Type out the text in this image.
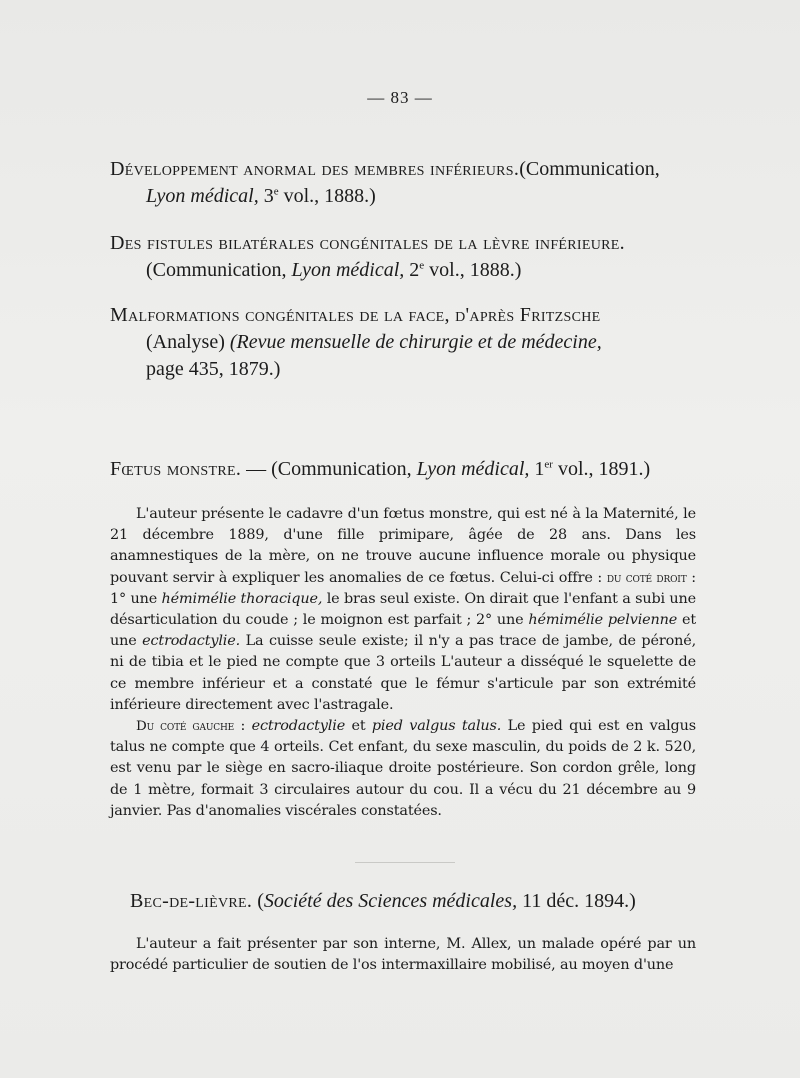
— 83 —
Développement anormal des membres inférieurs.(Communication,
Lyon médical, 3e vol., 1888.)
Des fistules bilatérales congénitales de la lèvre inférieure.
(Communication, Lyon médical, 2e vol., 1888.)
Malformations congénitales de la face, d'après Fritzsche
(Analyse) (Revue mensuelle de chirurgie et de médecine,
page 435, 1879.)
Fœtus monstre. — (Communication, Lyon médical, 1er vol., 1891.)

L'auteur présente le cadavre d'un fœtus monstre, qui est né à la Maternité, le 21 décembre 1889, d'une fille primipare, âgée de 28 ans. Dans les anamnestiques de la mère, on ne trouve aucune influence morale ou physique pouvant servir à expliquer les anomalies de ce fœtus. Celui-ci offre : du coté droit : 1° une hémimélie thoracique, le bras seul existe. On dirait que l'enfant a subi une désarticulation du coude ; le moignon est parfait ; 2° une hémimélie pelvienne et une ectrodactylie. La cuisse seule existe; il n'y a pas trace de jambe, de péroné, ni de tibia et le pied ne compte que 3 orteils L'auteur a disséqué le squelette de ce membre inférieur et a constaté que le fémur s'articule par son extrémité inférieure directement avec l'astragale.

Du coté gauche : ectrodactylie et pied valgus talus. Le pied qui est en valgus talus ne compte que 4 orteils. Cet enfant, du sexe masculin, du poids de 2 k. 520, est venu par le siège en sacro-iliaque droite postérieure. Son cordon grêle, long de 1 mètre, formait 3 circulaires autour du cou. Il a vécu du 21 décembre au 9 janvier. Pas d'anomalies viscérales constatées.

Bec-de-lièvre. (Société des Sciences médicales, 11 déc. 1894.)

L'auteur a fait présenter par son interne, M. Allex, un malade opéré par un procédé particulier de soutien de l'os intermaxillaire mobilisé, au moyen d'une
